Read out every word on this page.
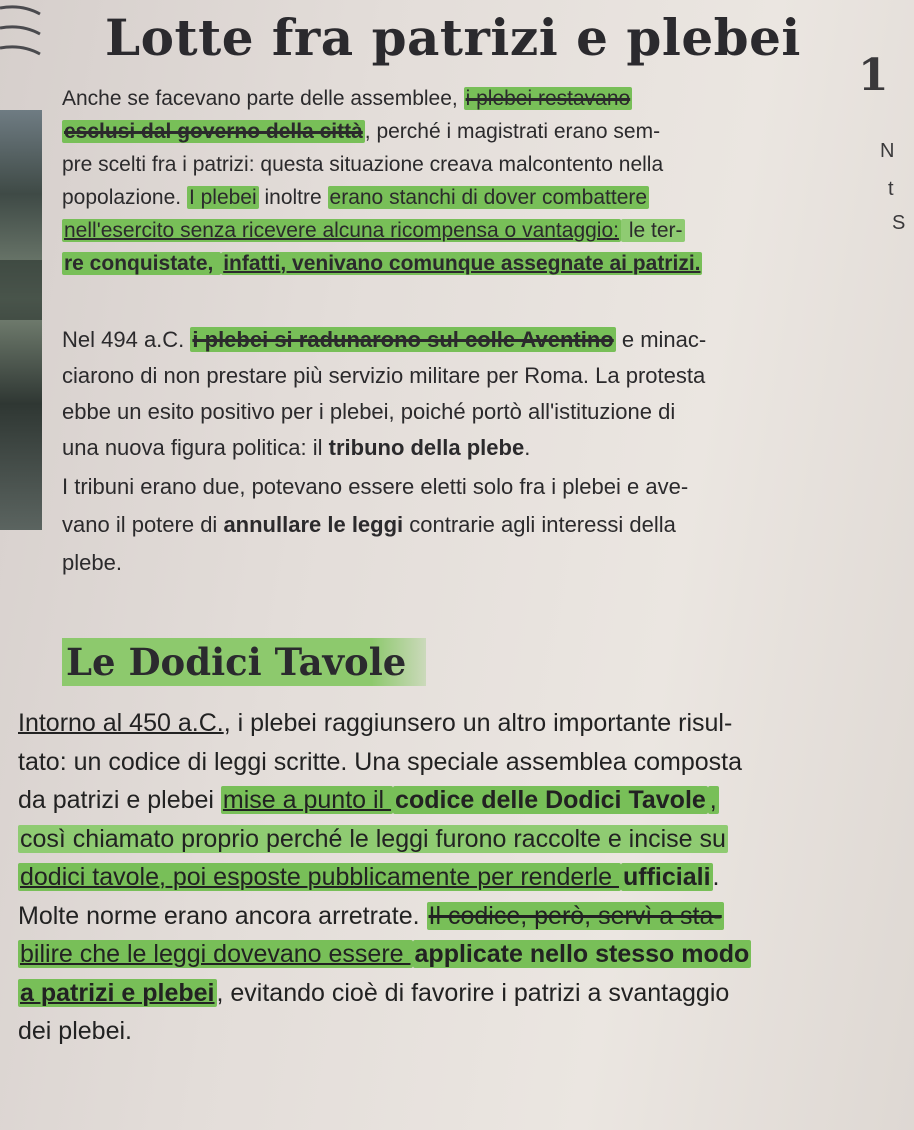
Lotte fra patrizi e plebei
1
N
t
S
Anche se facevano parte delle assemblee, i plebei restavano
esclusi dal governo della città, perché i magistrati erano sem-
pre scelti fra i patrizi: questa situazione creava malcontento nella
popolazione. I plebei inoltre erano stanchi di dover combattere
nell'esercito senza ricevere alcuna ricompensa o vantaggio: le ter-
re conquistate, infatti, venivano comunque assegnate ai patrizi.
Nel 494 a.C. i plebei si radunarono sul colle Aventino e minac-
ciarono di non prestare più servizio militare per Roma. La protesta
ebbe un esito positivo per i plebei, poiché portò all'istituzione di
una nuova figura politica: il tribuno della plebe.
I tribuni erano due, potevano essere eletti solo fra i plebei e ave-
vano il potere di annullare le leggi contrarie agli interessi della
plebe.
Le Dodici Tavole
Intorno al 450 a.C., i plebei raggiunsero un altro importante risul-
tato: un codice di leggi scritte. Una speciale assemblea composta
da patrizi e plebei mise a punto il codice delle Dodici Tavole ,
così chiamato proprio perché le leggi furono raccolte e incise su
dodici tavole, poi esposte pubblicamente per renderle ufficiali.
Molte norme erano ancora arretrate. Il codice, però, servì a sta-
bilire che le leggi dovevano essere applicate nello stesso modo
a patrizi e plebei, evitando cioè di favorire i patrizi a svantaggio
dei plebei.
